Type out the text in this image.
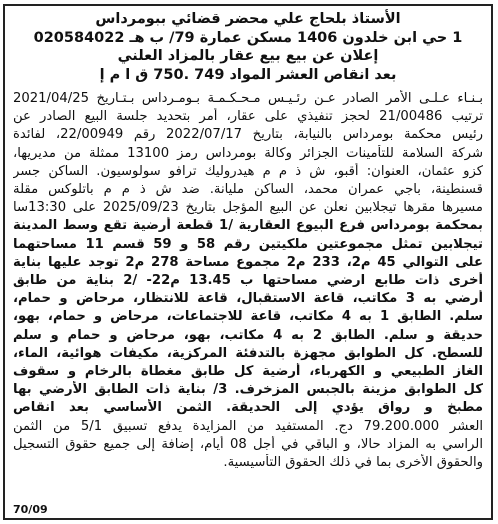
الأستاذ بلحاج علي محضر قضائي ببومرداس
1 حي ابن خلدون 1406 مسكن عمارة 79/ ب هـ 020584022
إعلان عن بيع بيع عقار بالمزاد العلني
بعد انقاص العشر المواد 749 .750 ق ا م إ
بـنـاء عـلـى الأمر الصادر عـن رئـيـس مـحـكـمـة بـومـرداس بـتـاريخ 2021/04/25
ترتيب 21/00486 لحجز تنفيذي على عقار، أمر بتحديد جلسة البيع الصادر عن
رئيس محكمة بومرداس بالنيابة، بتاريخ 2022/07/17 رقم 22/00949، لفائدة
شركة السلامة للتأمينات الجزائر وكالة بومرداس رمز 13100 ممثلة من مديريها،
كزو عثمان، العنوان: أقبو، ش ذ م م هيدروليك ترافو سولوسيون. الساكن جسر
قسنطينة، باجي عمران محمد، الساكن مليانة. ضد ش ذ م م باتلوكس مقلة
مسيرها مقرها تيجلابين نعلن عن البيع المؤجل بتاريخ 2025/09/23 على 13:30سا
بمحكمة بومرداس فرع البيوع العقارية /1 قطعة أرضية تقع وسط المدينة
تيجلابين تمثل مجموعتين ملكيتين رقم 58 و 59 قسم 11 مساحتهما
على التوالي 45 م2، 233 م2 مجموع مساحة 278 م2 توجد عليها بناية
أخرى ذات طابع ارضي مساحتها ب 13.45 م22- /2 بناية من طابق
أرضي به 3 مكاتب، قاعة الاستقبال، قاعة للانتظار، مرحاض و حمام،
سلم. الطابق 1 به 4 مكاتب، قاعة للاجتماعات، مرحاض و حمام، بهو،
حديقة و سلم. الطابق 2 به 4 مكاتب، بهو، مرحاض و حمام و سلم
للسطح. كل الطوابق مجهزة بالتدفئة المركزية، مكيفات هوائية، الماء،
الغاز الطبيعي و الكهرباء، أرضية كل طابق مغطاة بالرخام و سقوف
كل الطوابق مزينة بالجبس المزخرف. 3/ بناية ذات الطابق الأرضي بها
مطبخ و رواق يؤدي إلى الحديقة. الثمن الأساسي بعد انقاص
العشر 79.200.000 دج. المستفيد من المزايدة يدفع تسبيق 5/1 من الثمن
الراسي به المزاد حالا، و الباقي في أجل 08 أيام، إضافة إلى جميع حقوق التسجيل
والحقوق الأخرى بما في ذلك الحقوق التأسيسية.
70/09
